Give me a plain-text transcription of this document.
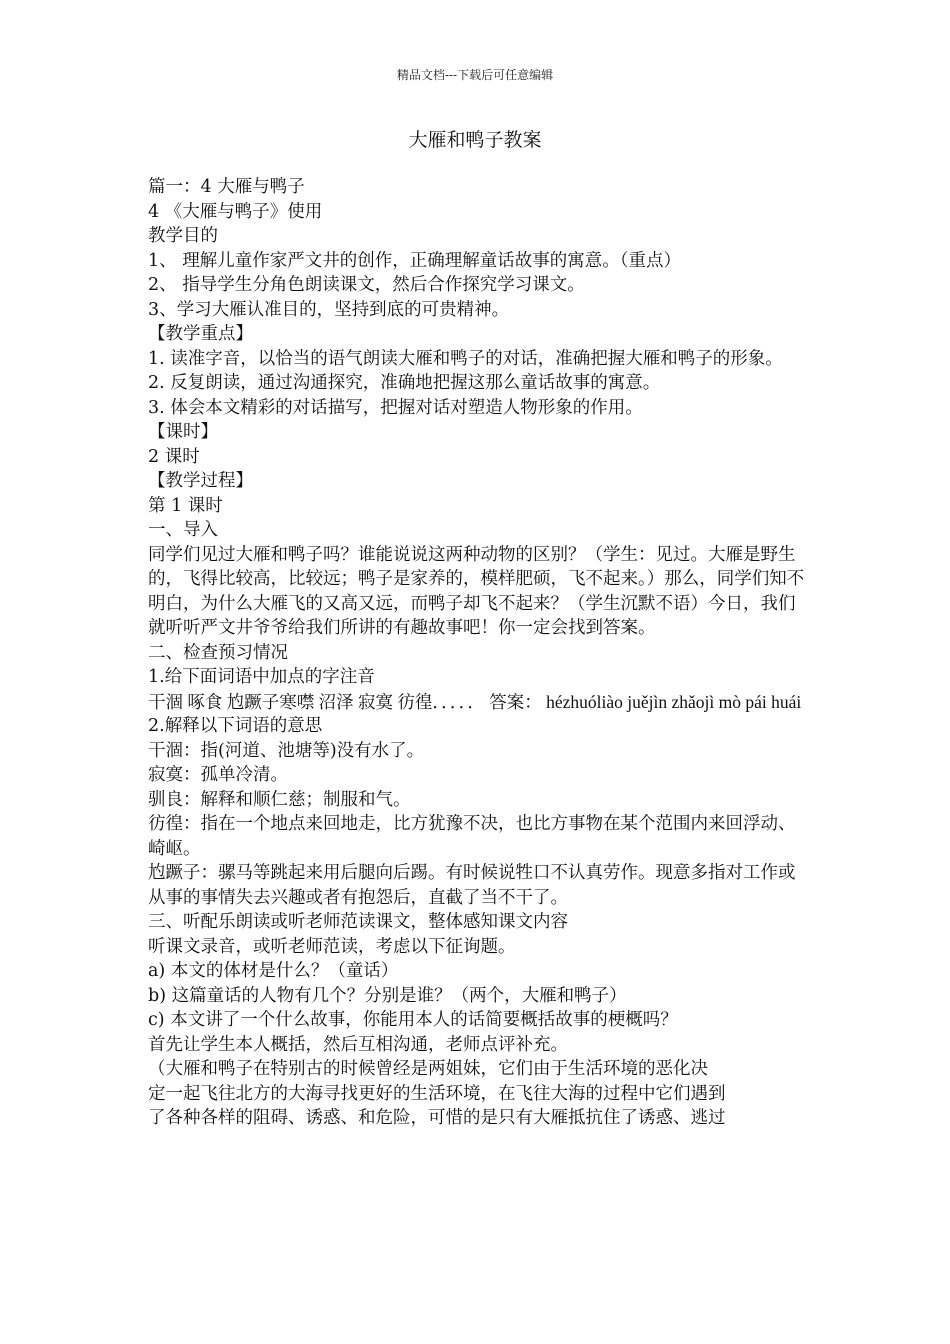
精品文档---下载后可任意编辑
大雁和鸭子教案

篇一：4 大雁与鸭子

4 《大雁与鸭子》使用

教学目的

1、 理解儿童作家严文井的创作，正确理解童话故事的寓意。（重点）

2、 指导学生分角色朗读课文，然后合作探究学习课文。

3、学习大雁认准目的，坚持到底的可贵精神。

【教学重点】

1. 读准字音，以恰当的语气朗读大雁和鸭子的对话，准确把握大雁和鸭子的形象。

2. 反复朗读，通过沟通探究，准确地把握这那么童话故事的寓意。

3. 体会本文精彩的对话描写，把握对话对塑造人物形象的作用。

【课时】

2 课时

【教学过程】

第 1 课时

一、导入

同学们见过大雁和鸭子吗？谁能说说这两种动物的区别？（学生：见过。大雁是野生的，飞得比较高，比较远；鸭子是家养的，模样肥硕，飞不起来。）那么，同学们知不明白，为什么大雁飞的又高又远，而鸭子却飞不起来？（学生沉默不语）今日，我们就听听严文井爷爷给我们所讲的有趣故事吧！你一定会找到答案。

二、检查预习情况

1.给下面词语中加点的字注音

干涸 啄食 尥蹶子寒噤 沼泽 寂寞 彷徨．．．．． 答案： hézhuóliào juějìn zhǎojì mò pái huái

2.解释以下词语的意思

干涸：指(河道、池塘等)没有水了。

寂寞：孤单冷清。

驯良：解释和顺仁慈；制服和气。

彷徨：指在一个地点来回地走，比方犹豫不决，也比方事物在某个范围内来回浮动、崎岖。

尥蹶子：骡马等跳起来用后腿向后踢。有时候说牲口不认真劳作。现意多指对工作或从事的事情失去兴趣或者有抱怨后，直截了当不干了。

三、听配乐朗读或听老师范读课文，整体感知课文内容

听课文录音，或听老师范读，考虑以下征询题。

a) 本文的体材是什么？（童话）

b) 这篇童话的人物有几个？分别是谁？（两个，大雁和鸭子）

c) 本文讲了一个什么故事，你能用本人的话简要概括故事的梗概吗？

首先让学生本人概括，然后互相沟通，老师点评补充。

（大雁和鸭子在特别古的时候曾经是两姐妹，它们由于生活环境的恶化决

定一起飞往北方的大海寻找更好的生活环境，在飞往大海的过程中它们遇到

了各种各样的阻碍、诱惑、和危险，可惜的是只有大雁抵抗住了诱惑、逃过
